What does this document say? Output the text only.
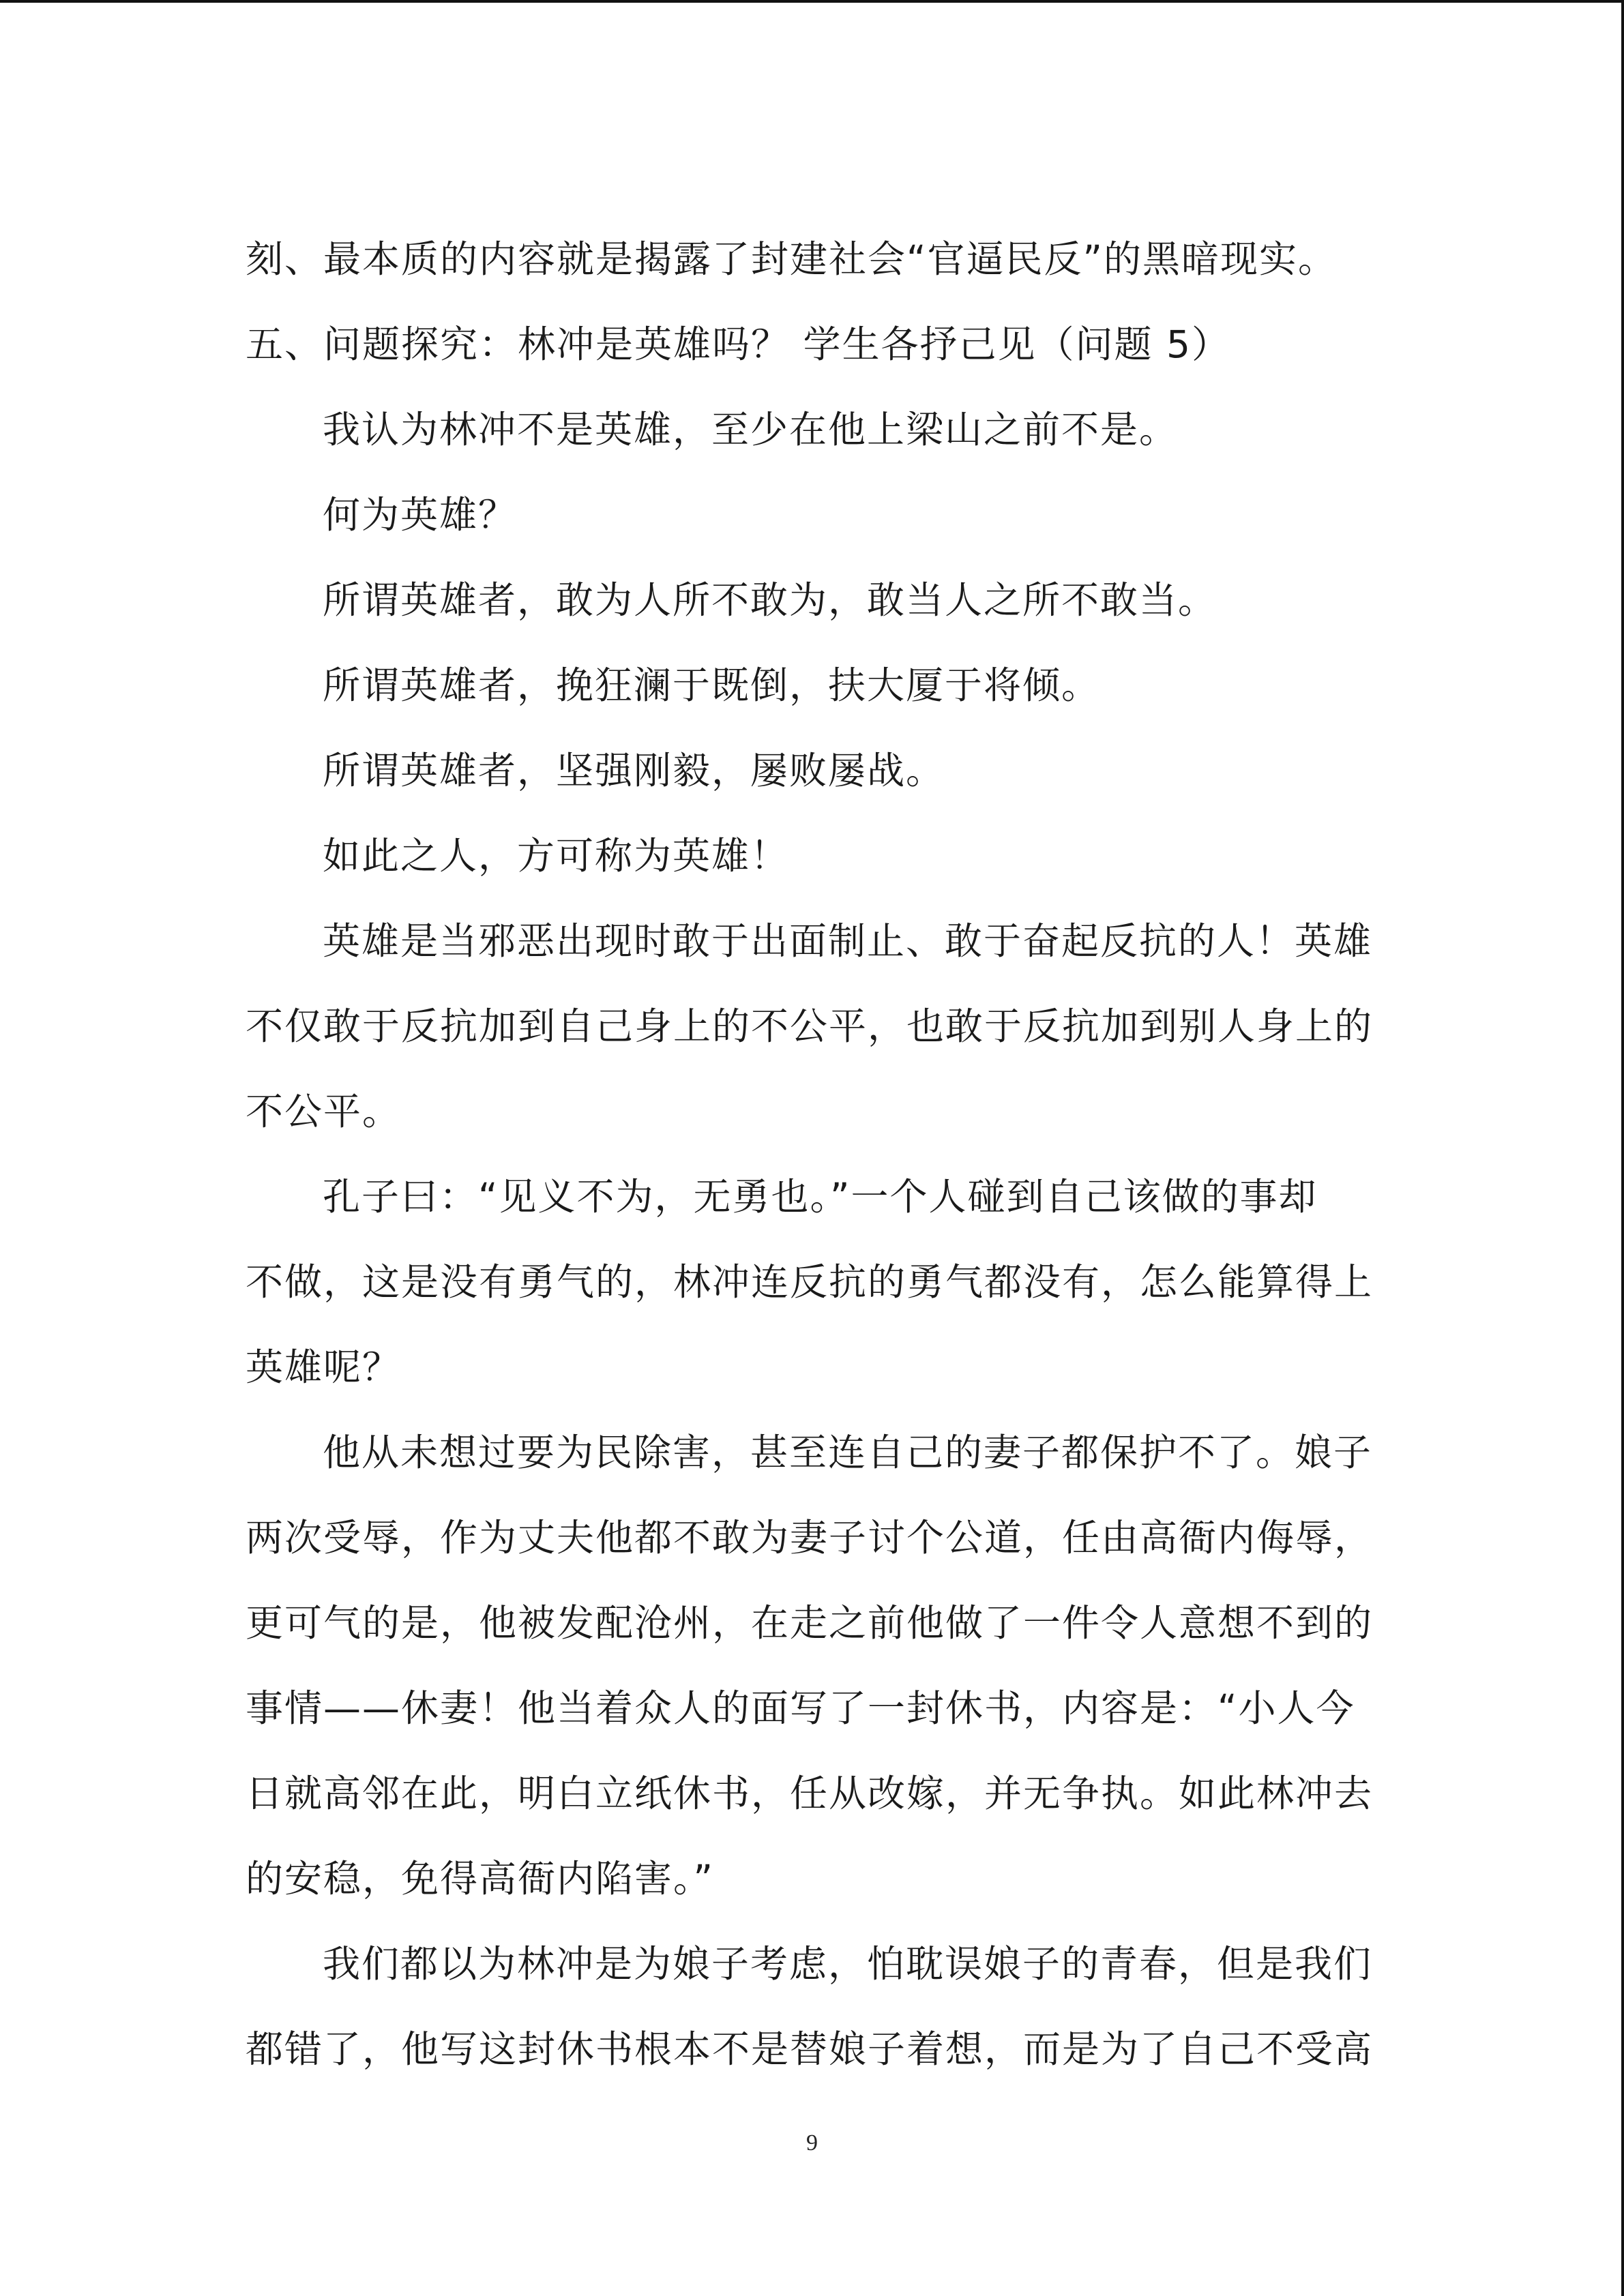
刻、最本质的内容就是揭露了封建社会“官逼民反”的黑暗现实。
五、问题探究：林冲是英雄吗？ 学生各抒己见（问题 5）
我认为林冲不是英雄，至少在他上梁山之前不是。
何为英雄？
所谓英雄者，敢为人所不敢为，敢当人之所不敢当。
所谓英雄者，挽狂澜于既倒，扶大厦于将倾。
所谓英雄者，坚强刚毅，屡败屡战。
如此之人，方可称为英雄！
英雄是当邪恶出现时敢于出面制止、敢于奋起反抗的人！英雄
不仅敢于反抗加到自己身上的不公平，也敢于反抗加到别人身上的
不公平。
孔子曰：“见义不为，无勇也。”一个人碰到自己该做的事却
不做，这是没有勇气的，林冲连反抗的勇气都没有，怎么能算得上
英雄呢？
他从未想过要为民除害，甚至连自己的妻子都保护不了。娘子
两次受辱，作为丈夫他都不敢为妻子讨个公道，任由高衙内侮辱，
更可气的是，他被发配沧州，在走之前他做了一件令人意想不到的
事情——休妻！他当着众人的面写了一封休书，内容是：“小人今
日就高邻在此，明白立纸休书，任从改嫁，并无争执。如此林冲去
的安稳，免得高衙内陷害。”
我们都以为林冲是为娘子考虑，怕耽误娘子的青春，但是我们
都错了，他写这封休书根本不是替娘子着想，而是为了自己不受高
9
